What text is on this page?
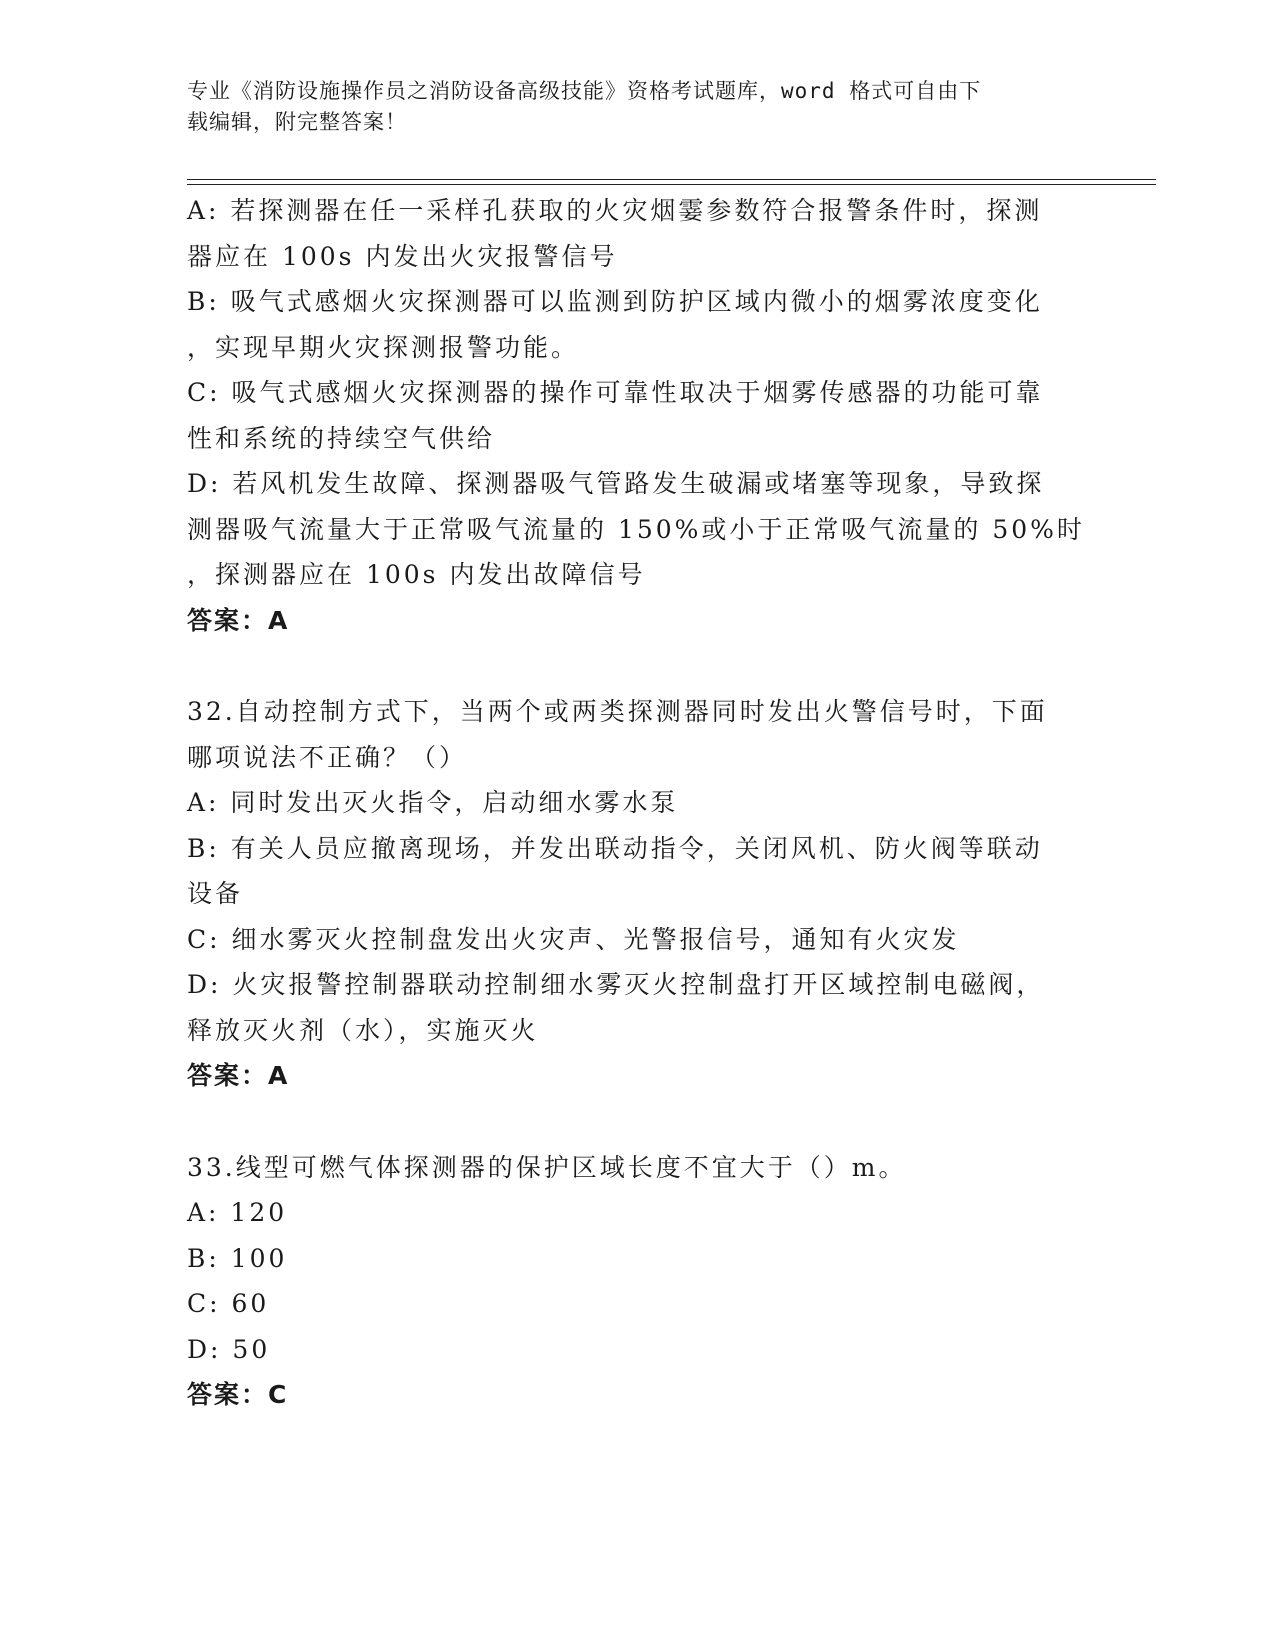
专业《消防设施操作员之消防设备高级技能》资格考试题库，word 格式可自由下
载编辑，附完整答案！
A: 若探测器在任一采样孔获取的火灾烟霎参数符合报警条件时，探测
器应在 100s 内发出火灾报警信号
B: 吸气式感烟火灾探测器可以监测到防护区域内微小的烟雾浓度变化
，实现早期火灾探测报警功能。
C: 吸气式感烟火灾探测器的操作可靠性取决于烟雾传感器的功能可靠
性和系统的持续空气供给
D: 若风机发生故障、探测器吸气管路发生破漏或堵塞等现象，导致探
测器吸气流量大于正常吸气流量的 150%或小于正常吸气流量的 50%时
，探测器应在 100s 内发出故障信号
答案：A
32.自动控制方式下，当两个或两类探测器同时发出火警信号时，下面
哪项说法不正确？（）
A: 同时发出灭火指令，启动细水雾水泵
B: 有关人员应撤离现场，并发出联动指令，关闭风机、防火阀等联动
设备
C: 细水雾灭火控制盘发出火灾声、光警报信号，通知有火灾发
D: 火灾报警控制器联动控制细水雾灭火控制盘打开区域控制电磁阀，
释放灭火剂（水），实施灭火
答案：A
33.线型可燃气体探测器的保护区域长度不宜大于（）m。
A: 120
B: 100
C: 60
D: 50
答案：C
